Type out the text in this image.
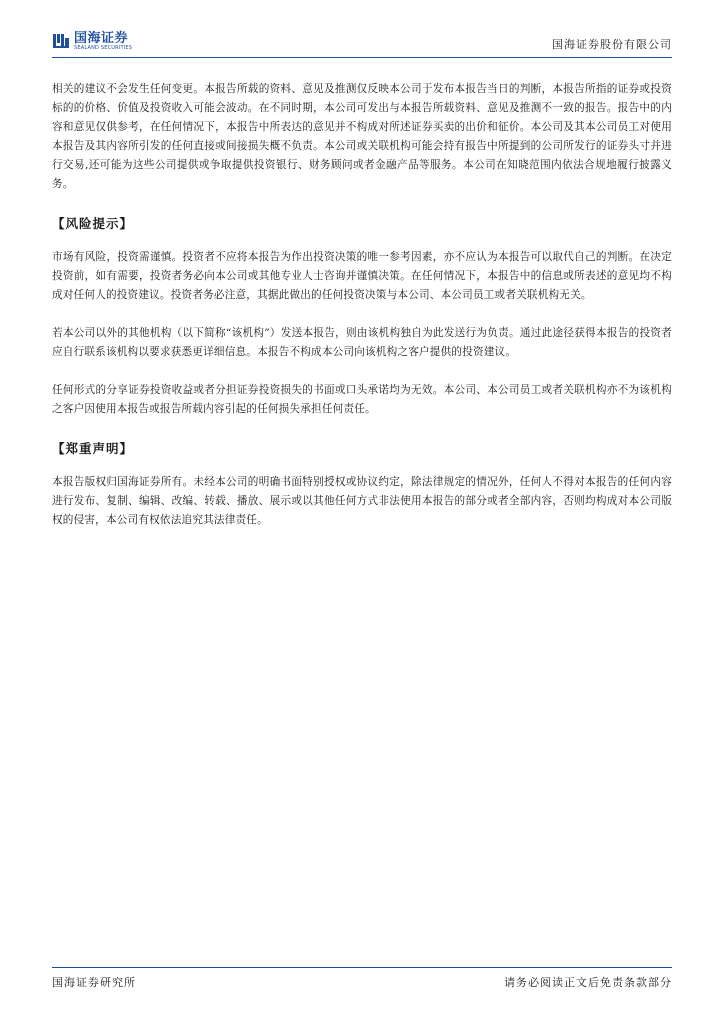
国海证券
SEALAND SECURITIES	国海证券股份有限公司

相关的建议不会发生任何变更。本报告所载的资料、意见及推测仅反映本公司于发布本报告当日的判断，本报告所指的证券或投资标的的价格、价值及投资收入可能会波动。在不同时期，本公司可发出与本报告所载资料、意见及推测不一致的报告。报告中的内容和意见仅供参考，在任何情况下，本报告中所表达的意见并不构成对所述证券买卖的出价和征价。本公司及其本公司员工对使用本报告及其内容所引发的任何直接或间接损失概不负责。本公司或关联机构可能会持有报告中所提到的公司所发行的证券头寸并进行交易,还可能为这些公司提供或争取提供投资银行、财务顾问或者金融产品等服务。本公司在知晓范围内依法合规地履行披露义务。

【风险提示】

市场有风险，投资需谨慎。投资者不应将本报告为作出投资决策的唯一参考因素，亦不应认为本报告可以取代自己的判断。在决定投资前，如有需要，投资者务必向本公司或其他专业人士咨询并谨慎决策。在任何情况下，本报告中的信息或所表述的意见均不构成对任何人的投资建议。投资者务必注意，其据此做出的任何投资决策与本公司、本公司员工或者关联机构无关。

若本公司以外的其他机构（以下简称“该机构”）发送本报告，则由该机构独自为此发送行为负责。通过此途径获得本报告的投资者应自行联系该机构以要求获悉更详细信息。本报告不构成本公司向该机构之客户提供的投资建议。

任何形式的分享证券投资收益或者分担证券投资损失的书面或口头承诺均为无效。本公司、本公司员工或者关联机构亦不为该机构之客户因使用本报告或报告所载内容引起的任何损失承担任何责任。

【郑重声明】

本报告版权归国海证券所有。未经本公司的明确书面特别授权或协议约定，除法律规定的情况外，任何人不得对本报告的任何内容进行发布、复制、编辑、改编、转载、播放、展示或以其他任何方式非法使用本报告的部分或者全部内容，否则均构成对本公司版权的侵害，本公司有权依法追究其法律责任。

国海证券研究所	请务必阅读正文后免责条款部分
